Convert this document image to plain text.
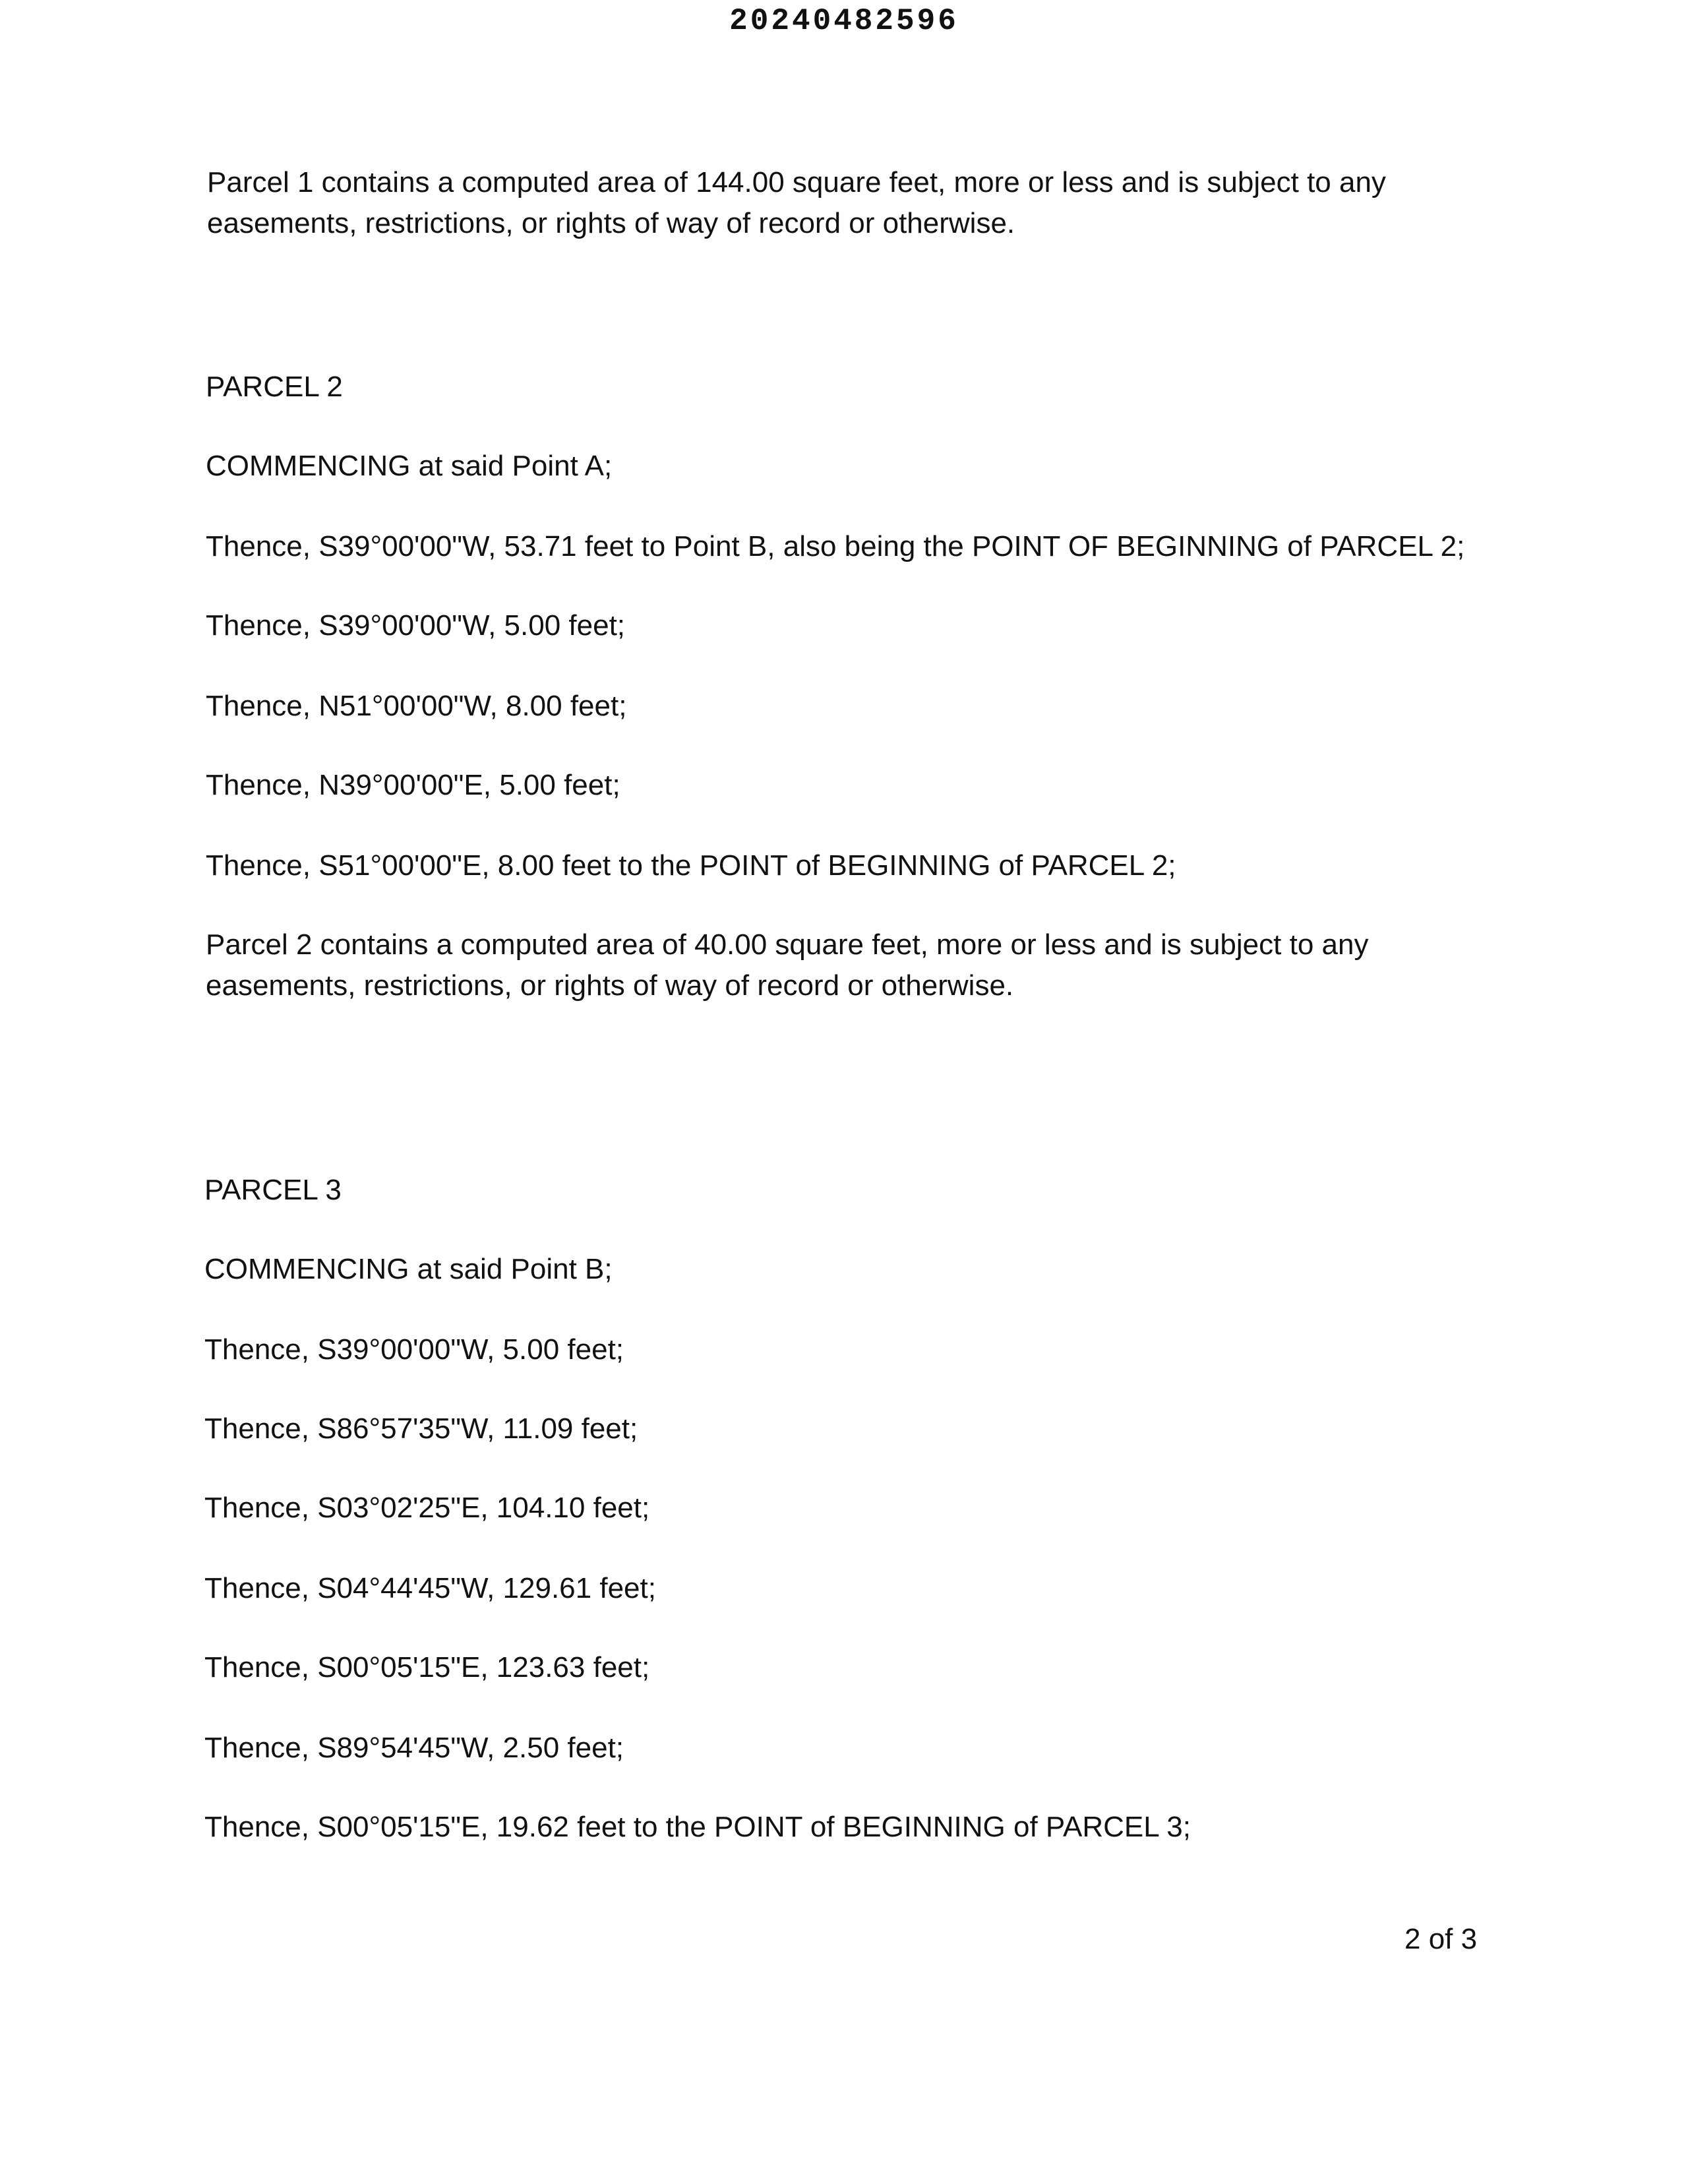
20240482596

Parcel 1 contains a computed area of 144.00 square feet, more or less and is subject to any

easements, restrictions, or rights of way of record or otherwise.

PARCEL 2

COMMENCING at said Point A;

Thence, S39°00'00"W, 53.71 feet to Point B, also being the POINT OF BEGINNING of PARCEL 2;

Thence, S39°00'00"W, 5.00 feet;

Thence, N51°00'00"W, 8.00 feet;

Thence, N39°00'00"E, 5.00 feet;

Thence, S51°00'00"E, 8.00 feet to the POINT of BEGINNING of PARCEL 2;

Parcel 2 contains a computed area of 40.00 square feet, more or less and is subject to any

easements, restrictions, or rights of way of record or otherwise.

PARCEL 3

COMMENCING at said Point B;

Thence, S39°00'00"W, 5.00 feet;

Thence, S86°57'35"W, 11.09 feet;

Thence, S03°02'25"E, 104.10 feet;

Thence, S04°44'45"W, 129.61 feet;

Thence, S00°05'15"E, 123.63 feet;

Thence, S89°54'45"W, 2.50 feet;

Thence, S00°05'15"E, 19.62 feet to the POINT of BEGINNING of PARCEL 3;

2 of 3
